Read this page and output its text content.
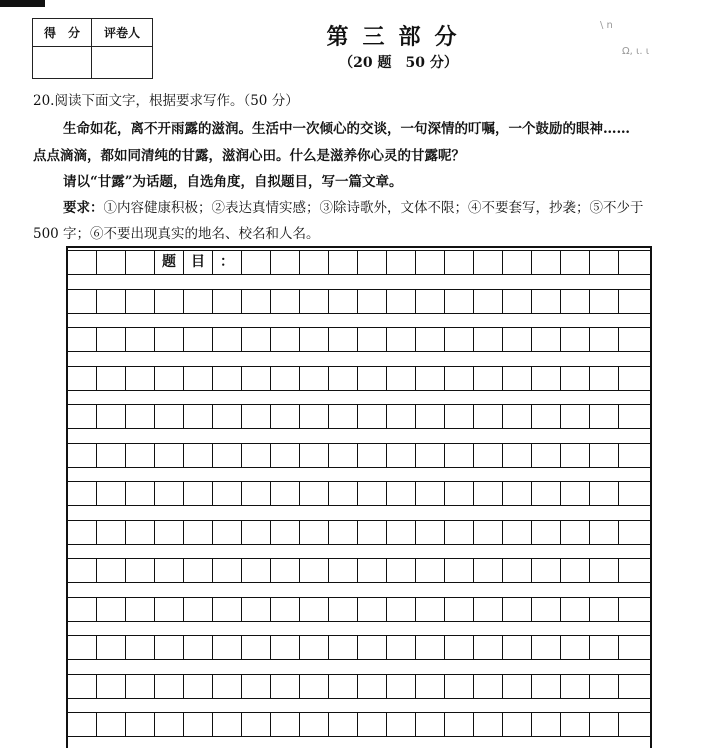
得　分	评卷人
		第三部分
（20 题　50 分）
\ n
Ω, ι. ι
20.阅读下面文字，根据要求写作。（50 分）
生命如花，离不开雨露的滋润。生活中一次倾心的交谈，一句深情的叮嘱，一个鼓励的眼神……
点点滴滴，都如同清纯的甘露，滋润心田。什么是滋养你心灵的甘露呢？
请以“甘露”为话题，自选角度，自拟题目，写一篇文章。
要求：①内容健康积极；②表达真情实感；③除诗歌外，文体不限；④不要套写，抄袭；⑤不少于
500 字；⑥不要出现真实的地名、校名和人名。
题	目	：
